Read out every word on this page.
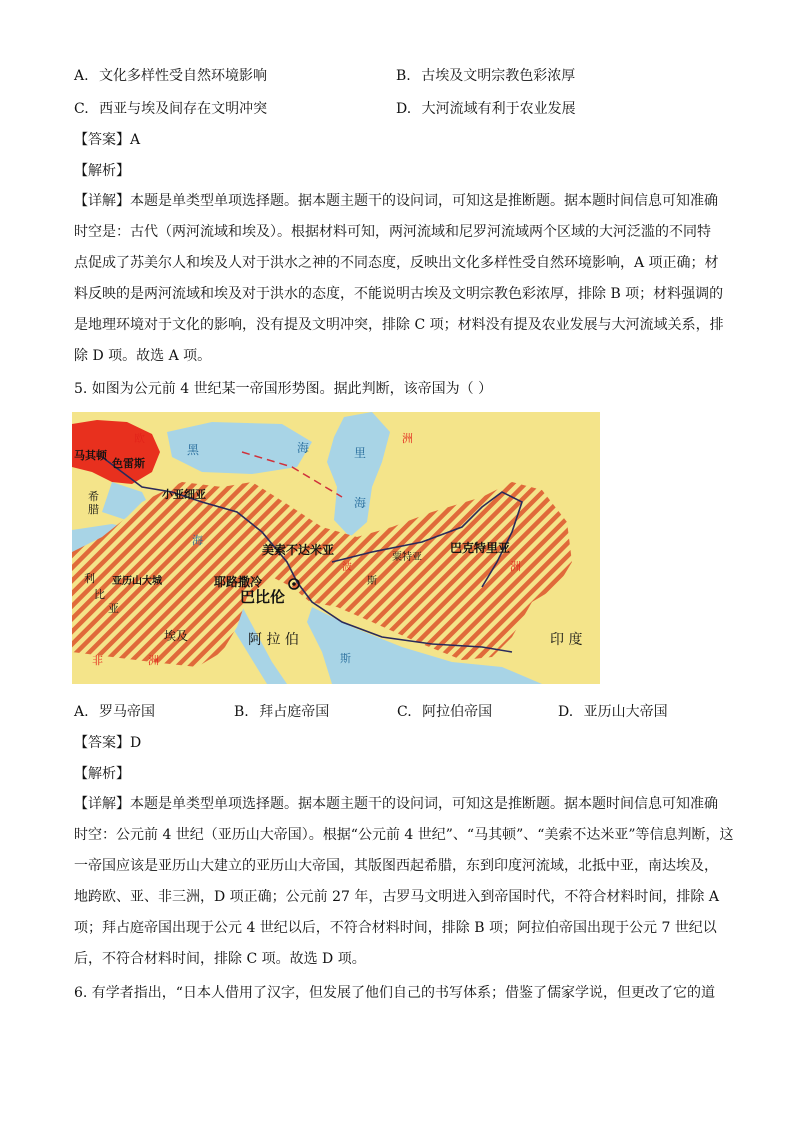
A. 文化多样性受自然环境影响	B. 古埃及文明宗教色彩浓厚
C. 西亚与埃及间存在文明冲突	D. 大河流域有利于农业发展
【答案】A
【解析】
【详解】本题是单类型单项选择题。据本题主题干的设问词，可知这是推断题。据本题时间信息可知准确
时空是：古代（两河流域和埃及）。根据材料可知，两河流域和尼罗河流域两个区域的大河泛滥的不同特
点促成了苏美尔人和埃及人对于洪水之神的不同态度，反映出文化多样性受自然环境影响，A 项正确；材
料反映的是两河流域和埃及对于洪水的态度，不能说明古埃及文明宗教色彩浓厚，排除 B 项；材料强调的
是地理环境对于文化的影响，没有提及文明冲突，排除 C 项；材料没有提及农业发展与大河流域关系，排
除 D 项。故选 A 项。
5. 如图为公元前 4 世纪某一帝国形势图。据此判断，该帝国为（ ）
欧	洲
马其顿
色雷斯
希
腊
黑	海	里
海
小亚细亚
海
美索不达米亚	巴克特里亚
洲
波
斯
粟特亚
亚历山大城	耶路撒冷
巴比伦
利
比
亚
埃及	阿 拉 伯
斯
印 度
非	洲
A. 罗马帝国	B. 拜占庭帝国	C. 阿拉伯帝国	D. 亚历山大帝国
【答案】D
【解析】
【详解】本题是单类型单项选择题。据本题主题干的设问词，可知这是推断题。据本题时间信息可知准确
时空：公元前 4 世纪（亚历山大帝国）。根据“公元前 4 世纪”、“马其顿”、“美索不达米亚”等信息判断，这
一帝国应该是亚历山大建立的亚历山大帝国，其版图西起希腊，东到印度河流域，北抵中亚，南达埃及，
地跨欧、亚、非三洲，D 项正确；公元前 27 年，古罗马文明进入到帝国时代，不符合材料时间，排除 A
项；拜占庭帝国出现于公元 4 世纪以后，不符合材料时间，排除 B 项；阿拉伯帝国出现于公元 7 世纪以
后，不符合材料时间，排除 C 项。故选 D 项。
6. 有学者指出，“日本人借用了汉字，但发展了他们自己的书写体系；借鉴了儒家学说，但更改了它的道
